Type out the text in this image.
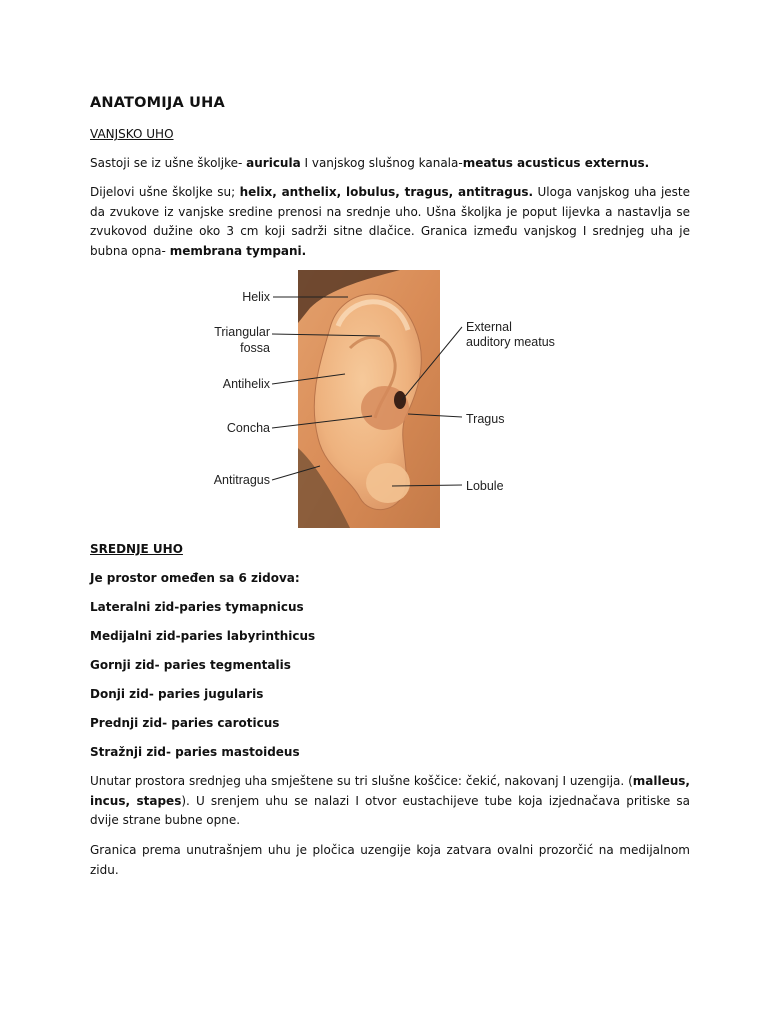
ANATOMIJA UHA

VANJSKO UHO

Sastoji se iz ušne školjke- auricula I vanjskog slušnog kanala-meatus acusticus externus.

Dijelovi ušne školjke su; helix, anthelix, lobulus, tragus, antitragus. Uloga vanjskog uha jeste da zvukove iz vanjske sredine prenosi na srednje uho. Ušna školjka je poput lijevka a nastavlja se zvukovod dužine oko 3 cm koji sadrži sitne dlačice. Granica između vanjskog I srednjeg uha je bubna opna- membrana tympani.

Helix
Triangular
fossa
Antihelix
Concha
Antitragus
External
auditory meatus
Tragus
Lobule

SREDNJE UHO

Je prostor omeđen sa 6 zidova:

Lateralni zid-paries tymapnicus

Medijalni zid-paries labyrinthicus

Gornji zid- paries tegmentalis

Donji zid- paries jugularis

Prednji zid- paries caroticus

Stražnji zid- paries mastoideus

Unutar prostora srednjeg uha smještene su tri slušne koščice: čekić, nakovanj I uzengija. (malleus, incus, stapes). U srenjem uhu se nalazi I otvor eustachijeve tube koja izjednačava pritiske sa dvije strane bubne opne.

Granica prema unutrašnjem uhu je pločica uzengije koja zatvara ovalni prozorčić na medijalnom zidu.
